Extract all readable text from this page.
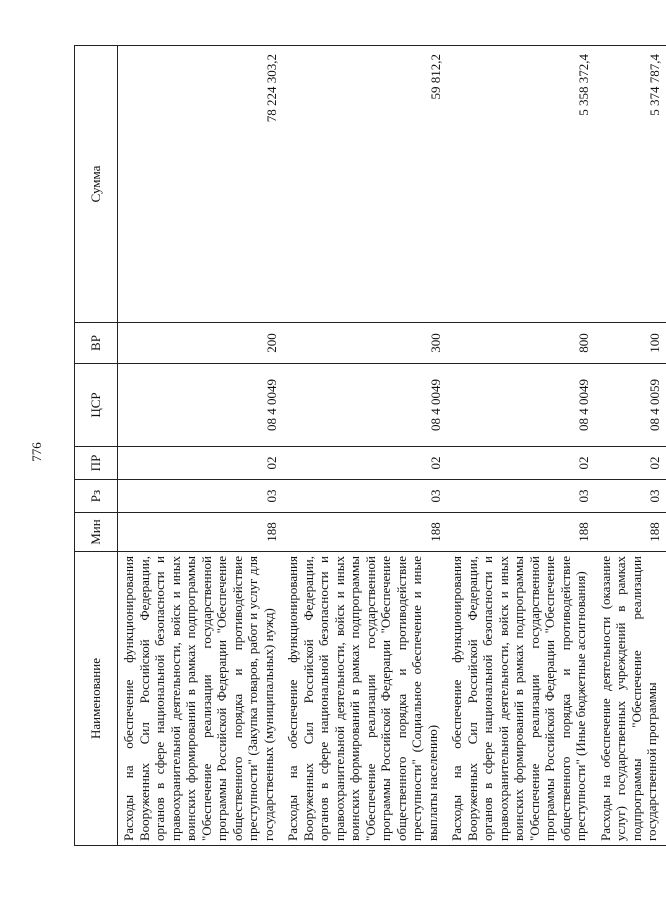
776
Наименование	Мин	Рз	ПР	ЦСР	ВР	Сумма
Расходы на обеспечение функционирования Вооруженных Сил Российской Федерации, органов в сфере национальной безопасности и правоохранительной деятельности, войск и иных воинских формирований в рамках подпрограммы "Обеспечение реализации государственной программы Российской Федерации "Обеспечение общественного порядка и противодействие преступности" (Закупка товаров, работ и услуг для государственных (муниципальных) нужд)	188	03	02	08 4 0049	200	78 224 303,2
Расходы на обеспечение функционирования Вооруженных Сил Российской Федерации, органов в сфере национальной безопасности и правоохранительной деятельности, войск и иных воинских формирований в рамках подпрограммы "Обеспечение реализации государственной программы Российской Федерации "Обеспечение общественного порядка и противодействие преступности" (Социальное обеспечение и иные выплаты населению)	188	03	02	08 4 0049	300	59 812,2
Расходы на обеспечение функционирования Вооруженных Сил Российской Федерации, органов в сфере национальной безопасности и правоохранительной деятельности, войск и иных воинских формирований в рамках подпрограммы "Обеспечение реализации государственной программы Российской Федерации "Обеспечение общественного порядка и противодействие преступности" (Иные бюджетные ассигнования)	188	03	02	08 4 0049	800	5 358 372,4
Расходы на обеспечение деятельности (оказание услуг) государственных учреждений в рамках подпрограммы "Обеспечение реализации государственной программы	188	03	02	08 4 0059	100	5 374 787,4
